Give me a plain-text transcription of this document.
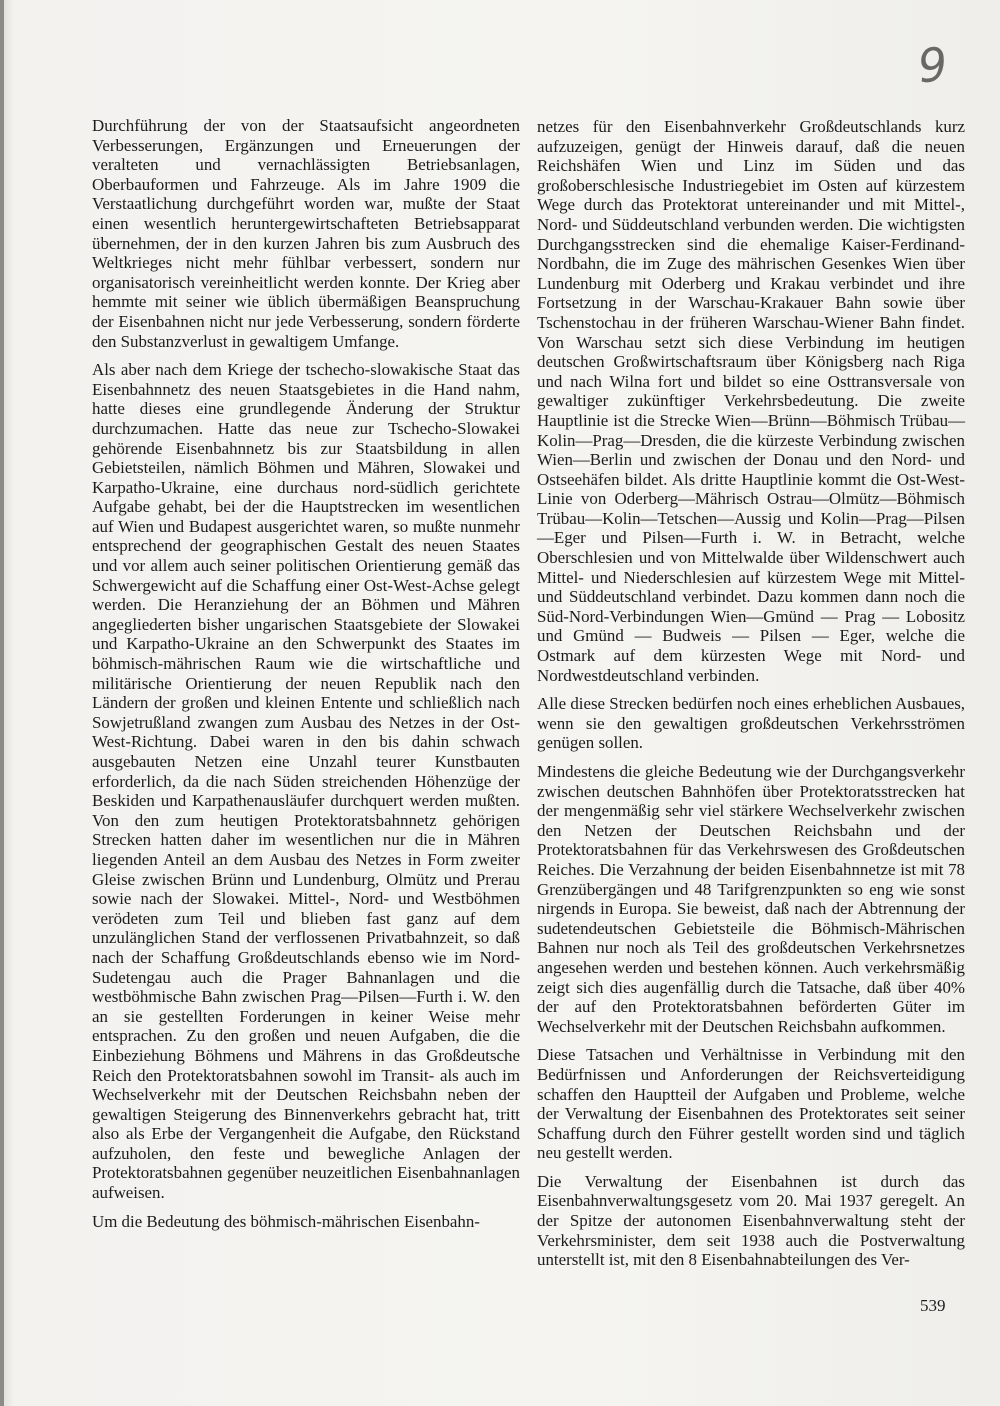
9

Durchführung der von der Staatsaufsicht angeordneten Verbesserungen, Ergänzungen und Erneuerungen der veralteten und vernachlässigten Betriebsanlagen, Oberbauformen und Fahrzeuge. Als im Jahre 1909 die Verstaatlichung durchgeführt worden war, mußte der Staat einen wesentlich heruntergewirtschafteten Betriebsapparat übernehmen, der in den kurzen Jahren bis zum Ausbruch des Weltkrieges nicht mehr fühlbar verbessert, sondern nur organisatorisch vereinheitlicht werden konnte. Der Krieg aber hemmte mit seiner wie üblich übermäßigen Beanspruchung der Eisenbahnen nicht nur jede Verbesserung, sondern förderte den Substanzverlust in gewaltigem Umfange.

Als aber nach dem Kriege der tschecho-slowakische Staat das Eisenbahnnetz des neuen Staatsgebietes in die Hand nahm, hatte dieses eine grundlegende Änderung der Struktur durchzumachen. Hatte das neue zur Tschecho-Slowakei gehörende Eisenbahnnetz bis zur Staatsbildung in allen Gebietsteilen, nämlich Böhmen und Mähren, Slowakei und Karpatho-Ukraine, eine durchaus nord-südlich gerichtete Aufgabe gehabt, bei der die Hauptstrecken im wesentlichen auf Wien und Budapest ausgerichtet waren, so mußte nunmehr entsprechend der geographischen Gestalt des neuen Staates und vor allem auch seiner politischen Orientierung gemäß das Schwergewicht auf die Schaffung einer Ost-West-Achse gelegt werden. Die Heranziehung der an Böhmen und Mähren angegliederten bisher ungarischen Staatsgebiete der Slowakei und Karpatho-Ukraine an den Schwerpunkt des Staates im böhmisch-mährischen Raum wie die wirtschaftliche und militärische Orientierung der neuen Republik nach den Ländern der großen und kleinen Entente und schließlich nach Sowjetrußland zwangen zum Ausbau des Netzes in der Ost-West-Richtung. Dabei waren in den bis dahin schwach ausgebauten Netzen eine Unzahl teurer Kunstbauten erforderlich, da die nach Süden streichenden Höhenzüge der Beskiden und Karpathenausläufer durchquert werden mußten. Von den zum heutigen Protektoratsbahnnetz gehörigen Strecken hatten daher im wesentlichen nur die in Mähren liegenden Anteil an dem Ausbau des Netzes in Form zweiter Gleise zwischen Brünn und Lundenburg, Olmütz und Prerau sowie nach der Slowakei. Mittel-, Nord- und Westböhmen verödeten zum Teil und blieben fast ganz auf dem unzulänglichen Stand der verflossenen Privatbahnzeit, so daß nach der Schaffung Großdeutschlands ebenso wie im Nord-Sudetengau auch die Prager Bahnanlagen und die westböhmische Bahn zwischen Prag—Pilsen—Furth i. W. den an sie gestellten Forderungen in keiner Weise mehr entsprachen. Zu den großen und neuen Aufgaben, die die Einbeziehung Böhmens und Mährens in das Großdeutsche Reich den Protektoratsbahnen sowohl im Transit- als auch im Wechselverkehr mit der Deutschen Reichsbahn neben der gewaltigen Steigerung des Binnenverkehrs gebracht hat, tritt also als Erbe der Vergangenheit die Aufgabe, den Rückstand aufzuholen, den feste und bewegliche Anlagen der Protektoratsbahnen gegenüber neuzeitlichen Eisenbahnanlagen aufweisen.

Um die Bedeutung des böhmisch-mährischen Eisenbahn-

netzes für den Eisenbahnverkehr Großdeutschlands kurz aufzuzeigen, genügt der Hinweis darauf, daß die neuen Reichshäfen Wien und Linz im Süden und das großoberschlesische Industriegebiet im Osten auf kürzestem Wege durch das Protektorat untereinander und mit Mittel-, Nord- und Süddeutschland verbunden werden. Die wichtigsten Durchgangsstrecken sind die ehemalige Kaiser-Ferdinand-Nordbahn, die im Zuge des mährischen Gesenkes Wien über Lundenburg mit Oderberg und Krakau verbindet und ihre Fortsetzung in der Warschau-Krakauer Bahn sowie über Tschenstochau in der früheren Warschau-Wiener Bahn findet. Von Warschau setzt sich diese Verbindung im heutigen deutschen Großwirtschaftsraum über Königsberg nach Riga und nach Wilna fort und bildet so eine Osttransversale von gewaltiger zukünftiger Verkehrsbedeutung. Die zweite Hauptlinie ist die Strecke Wien—Brünn—Böhmisch Trübau—Kolin—Prag—Dresden, die die kürzeste Verbindung zwischen Wien—Berlin und zwischen der Donau und den Nord- und Ostseehäfen bildet. Als dritte Hauptlinie kommt die Ost-West-Linie von Oderberg—Mährisch Ostrau—Olmütz—Böhmisch Trübau—Kolin—Tetschen—Aussig und Kolin—Prag—Pilsen—Eger und Pilsen—Furth i. W. in Betracht, welche Oberschlesien und von Mittelwalde über Wildenschwert auch Mittel- und Niederschlesien auf kürzestem Wege mit Mittel- und Süddeutschland verbindet. Dazu kommen dann noch die Süd-Nord-Verbindungen Wien—Gmünd — Prag — Lobositz und Gmünd — Budweis — Pilsen — Eger, welche die Ostmark auf dem kürzesten Wege mit Nord- und Nordwestdeutschland verbinden.

Alle diese Strecken bedürfen noch eines erheblichen Ausbaues, wenn sie den gewaltigen großdeutschen Verkehrsströmen genügen sollen.

Mindestens die gleiche Bedeutung wie der Durchgangsverkehr zwischen deutschen Bahnhöfen über Protektoratsstrecken hat der mengenmäßig sehr viel stärkere Wechselverkehr zwischen den Netzen der Deutschen Reichsbahn und der Protektoratsbahnen für das Verkehrswesen des Großdeutschen Reiches. Die Verzahnung der beiden Eisenbahnnetze ist mit 78 Grenzübergängen und 48 Tarifgrenzpunkten so eng wie sonst nirgends in Europa. Sie beweist, daß nach der Abtrennung der sudetendeutschen Gebietsteile die Böhmisch-Mährischen Bahnen nur noch als Teil des großdeutschen Verkehrsnetzes angesehen werden und bestehen können. Auch verkehrsmäßig zeigt sich dies augenfällig durch die Tatsache, daß über 40% der auf den Protektoratsbahnen beförderten Güter im Wechselverkehr mit der Deutschen Reichsbahn aufkommen.

Diese Tatsachen und Verhältnisse in Verbindung mit den Bedürfnissen und Anforderungen der Reichsverteidigung schaffen den Hauptteil der Aufgaben und Probleme, welche der Verwaltung der Eisenbahnen des Protektorates seit seiner Schaffung durch den Führer gestellt worden sind und täglich neu gestellt werden.

Die Verwaltung der Eisenbahnen ist durch das Eisenbahnverwaltungsgesetz vom 20. Mai 1937 geregelt. An der Spitze der autonomen Eisenbahnverwaltung steht der Verkehrsminister, dem seit 1938 auch die Postverwaltung unterstellt ist, mit den 8 Eisenbahnabteilungen des Ver-

539
